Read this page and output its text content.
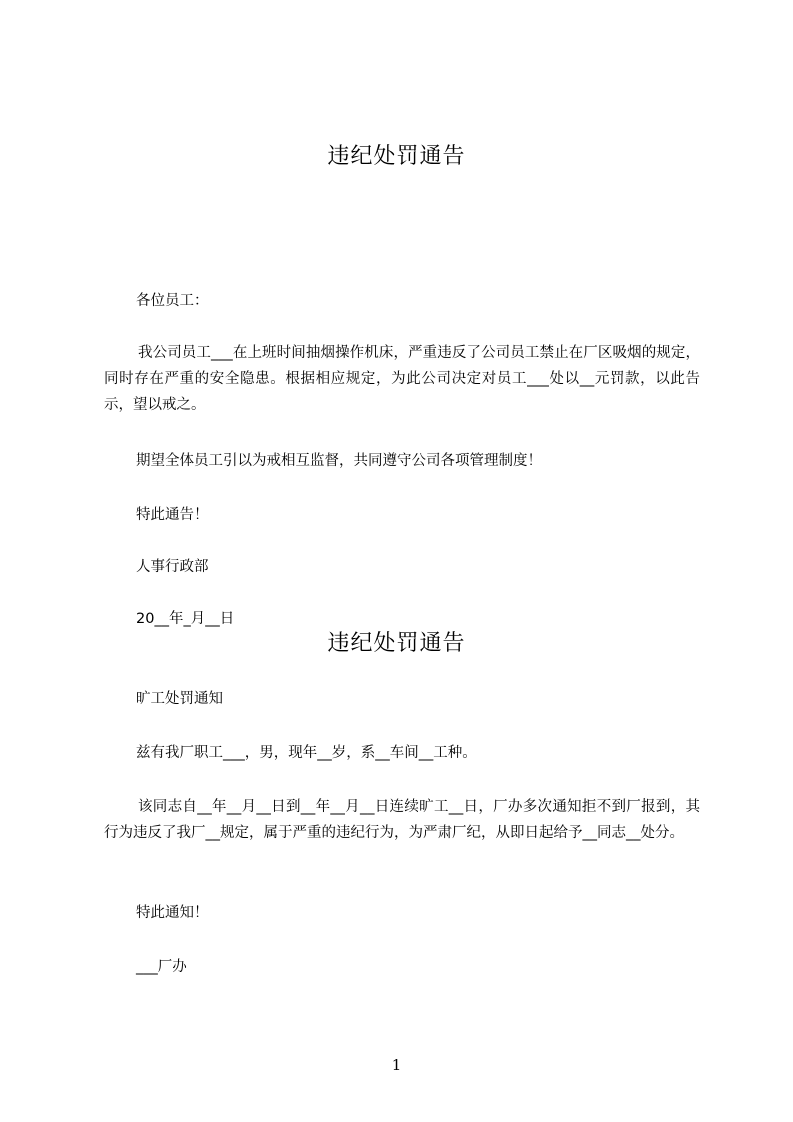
违纪处罚通告
各位员工：
我公司员工___在上班时间抽烟操作机床，严重违反了公司员工禁止在厂区吸烟的规定，同时存在严重的安全隐患。根据相应规定，为此公司决定对员工___处以__元罚款，以此告示，望以戒之。
期望全体员工引以为戒相互监督，共同遵守公司各项管理制度！
特此通告！
人事行政部
20__年_月__日
违纪处罚通告
旷工处罚通知
兹有我厂职工___，男，现年__岁，系__车间__工种。
该同志自__年__月__日到__年__月__日连续旷工__日，厂办多次通知拒不到厂报到，其行为违反了我厂__规定，属于严重的违纪行为，为严肃厂纪，从即日起给予__同志__处分。
特此通知！
___厂办
1
